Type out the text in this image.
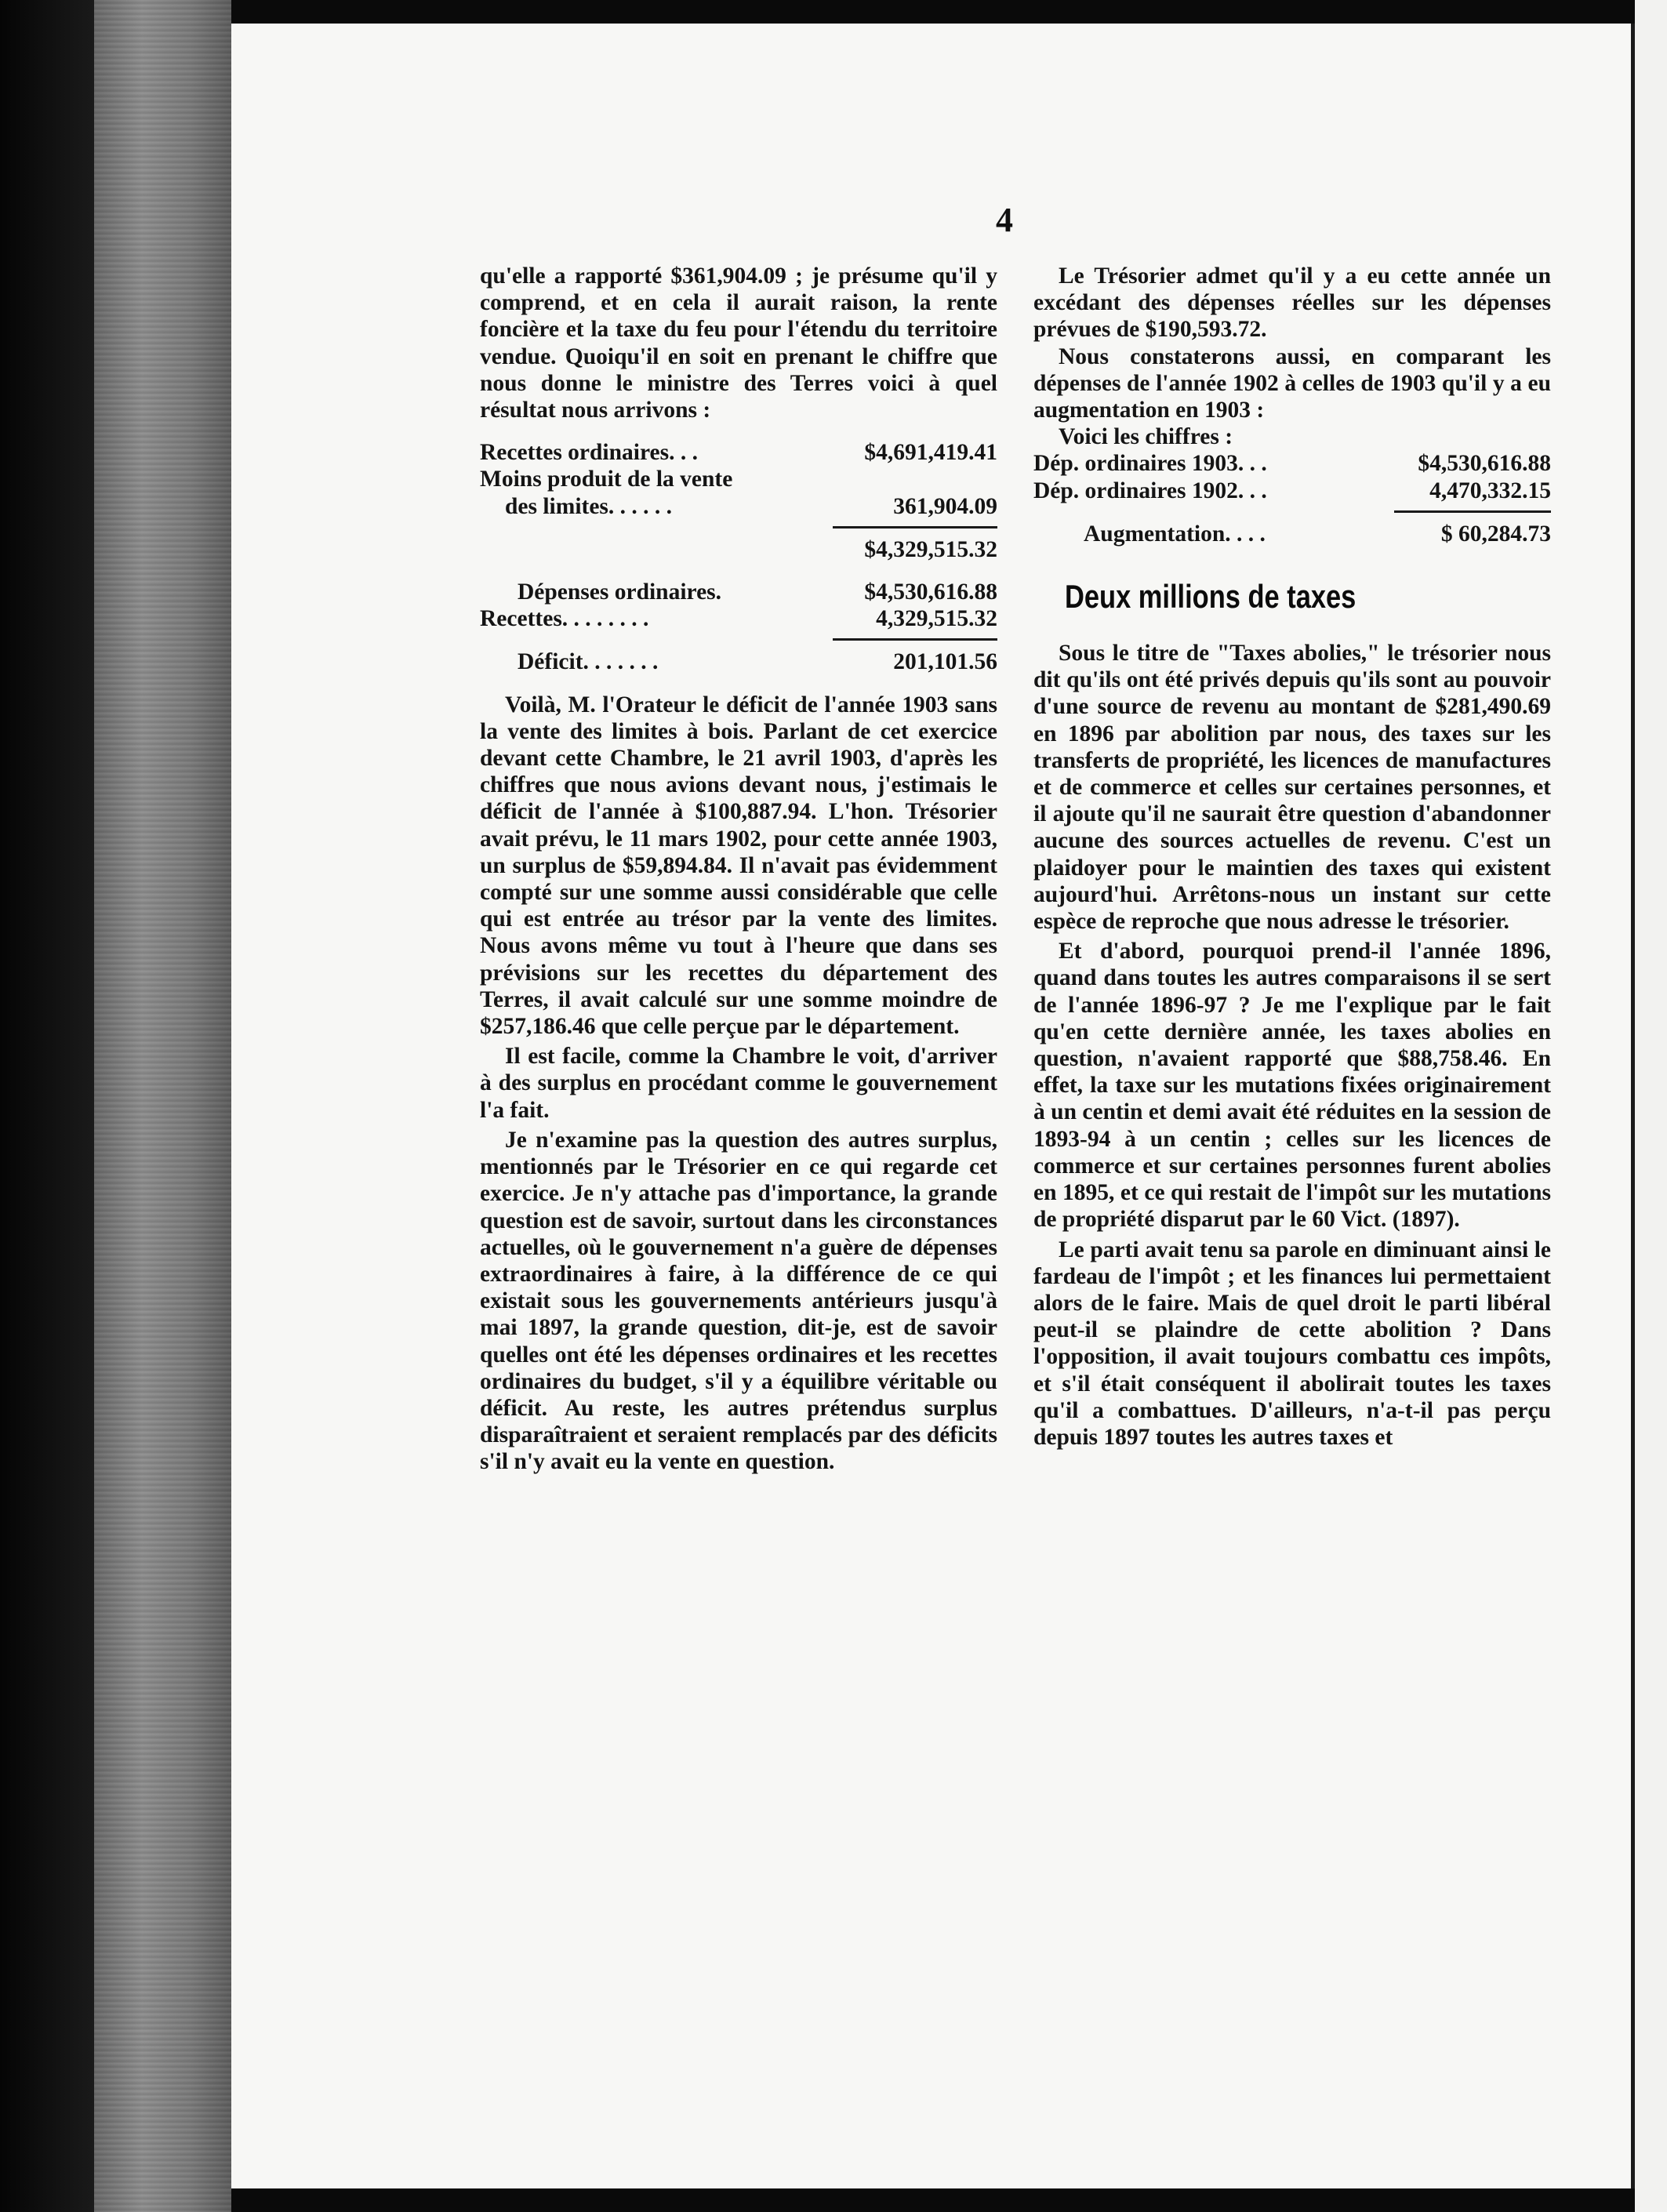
4

qu'elle a rapporté $361,904.09 ; je présume qu'il y comprend, et en cela il aurait raison, la rente foncière et la taxe du feu pour l'étendu du territoire vendue. Quoiqu'il en soit en prenant le chiffre que nous donne le ministre des Terres voici à quel résultat nous arrivons :

Recettes ordinaires. . .	$4,691,419.41
Moins produit de la vente
des limites. . . . . .	361,904.09
$4,329,515.32
Dépenses ordinaires.	$4,530,616.88
Recettes. . . . . . . .	4,329,515.32
Déficit. . . . . . .	201,101.56

Voilà, M. l'Orateur le déficit de l'année 1903 sans la vente des limites à bois. Parlant de cet exercice devant cette Chambre, le 21 avril 1903, d'après les chiffres que nous avions devant nous, j'estimais le déficit de l'année à $100,887.94. L'hon. Trésorier avait prévu, le 11 mars 1902, pour cette année 1903, un surplus de $59,894.84. Il n'avait pas évidemment compté sur une somme aussi considérable que celle qui est entrée au trésor par la vente des limites. Nous avons même vu tout à l'heure que dans ses prévisions sur les recettes du département des Terres, il avait calculé sur une somme moindre de $257,186.46 que celle perçue par le département.

Il est facile, comme la Chambre le voit, d'arriver à des surplus en procédant comme le gouvernement l'a fait.

Je n'examine pas la question des autres surplus, mentionnés par le Trésorier en ce qui regarde cet exercice. Je n'y attache pas d'importance, la grande question est de savoir, surtout dans les circonstances actuelles, où le gouvernement n'a guère de dépenses extraordinaires à faire, à la différence de ce qui existait sous les gouvernements antérieurs jusqu'à mai 1897, la grande question, dit-je, est de savoir quelles ont été les dépenses ordinaires et les recettes ordinaires du budget, s'il y a équilibre véritable ou déficit. Au reste, les autres prétendus surplus disparaîtraient et seraient remplacés par des déficits s'il n'y avait eu la vente en question.

Le Trésorier admet qu'il y a eu cette année un excédant des dépenses réelles sur les dépenses prévues de $190,593.72.

Nous constaterons aussi, en comparant les dépenses de l'année 1902 à celles de 1903 qu'il y a eu augmentation en 1903 :

Voici les chiffres :

Dép. ordinaires 1903. . .	$4,530,616.88
Dép. ordinaires 1902. . .	4,470,332.15
Augmentation. . . .	$ 60,284.73
Deux millions de taxes

Sous le titre de "Taxes abolies," le trésorier nous dit qu'ils ont été privés depuis qu'ils sont au pouvoir d'une source de revenu au montant de $281,490.69 en 1896 par abolition par nous, des taxes sur les transferts de propriété, les licences de manufactures et de commerce et celles sur certaines personnes, et il ajoute qu'il ne saurait être question d'abandonner aucune des sources actuelles de revenu. C'est un plaidoyer pour le maintien des taxes qui existent aujourd'hui. Arrêtons-nous un instant sur cette espèce de reproche que nous adresse le trésorier.

Et d'abord, pourquoi prend-il l'année 1896, quand dans toutes les autres comparaisons il se sert de l'année 1896-97 ? Je me l'explique par le fait qu'en cette dernière année, les taxes abolies en question, n'avaient rapporté que $88,758.46. En effet, la taxe sur les mutations fixées originairement à un centin et demi avait été réduites en la session de 1893-94 à un centin ; celles sur les licences de commerce et sur certaines personnes furent abolies en 1895, et ce qui restait de l'impôt sur les mutations de propriété disparut par le 60 Vict. (1897).

Le parti avait tenu sa parole en diminuant ainsi le fardeau de l'impôt ; et les finances lui permettaient alors de le faire. Mais de quel droit le parti libéral peut-il se plaindre de cette abolition ? Dans l'opposition, il avait toujours combattu ces impôts, et s'il était conséquent il abolirait toutes les taxes qu'il a combattues. D'ailleurs, n'a-t-il pas perçu depuis 1897 toutes les autres taxes et
